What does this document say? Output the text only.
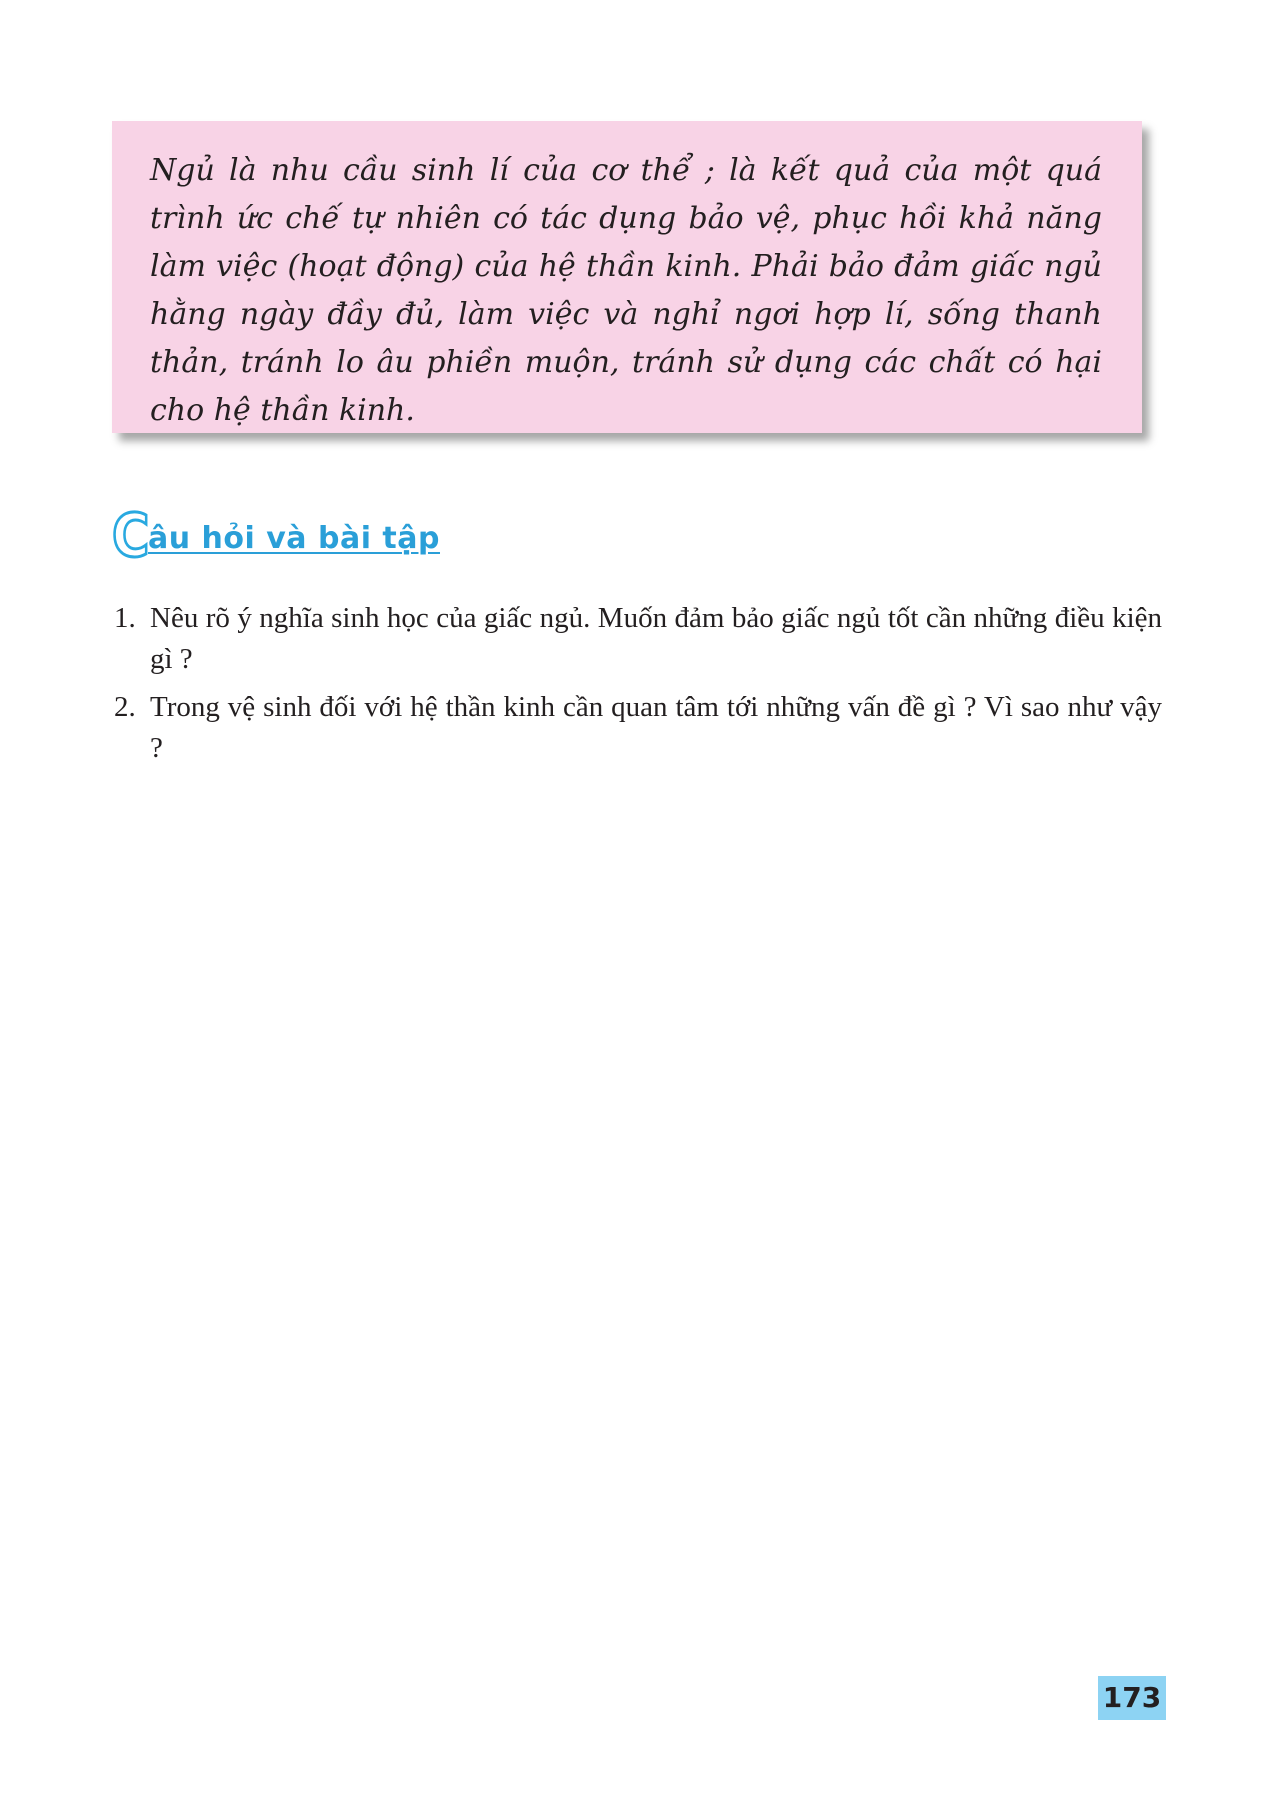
Ngủ là nhu cầu sinh lí của cơ thể ; là kết quả của một quá trình ức chế tự nhiên có tác dụng bảo vệ, phục hồi khả năng làm việc (hoạt động) của hệ thần kinh. Phải bảo đảm giấc ngủ hằng ngày đầy đủ, làm việc và nghỉ ngơi hợp lí, sống thanh thản, tránh lo âu phiền muộn, tránh sử dụng các chất có hại cho hệ thần kinh.

C
âu hỏi và bài tập
1. Nêu rõ ý nghĩa sinh học của giấc ngủ. Muốn đảm bảo giấc ngủ tốt cần những điều kiện gì ?
2. Trong vệ sinh đối với hệ thần kinh cần quan tâm tới những vấn đề gì ? Vì sao như vậy ?
173
